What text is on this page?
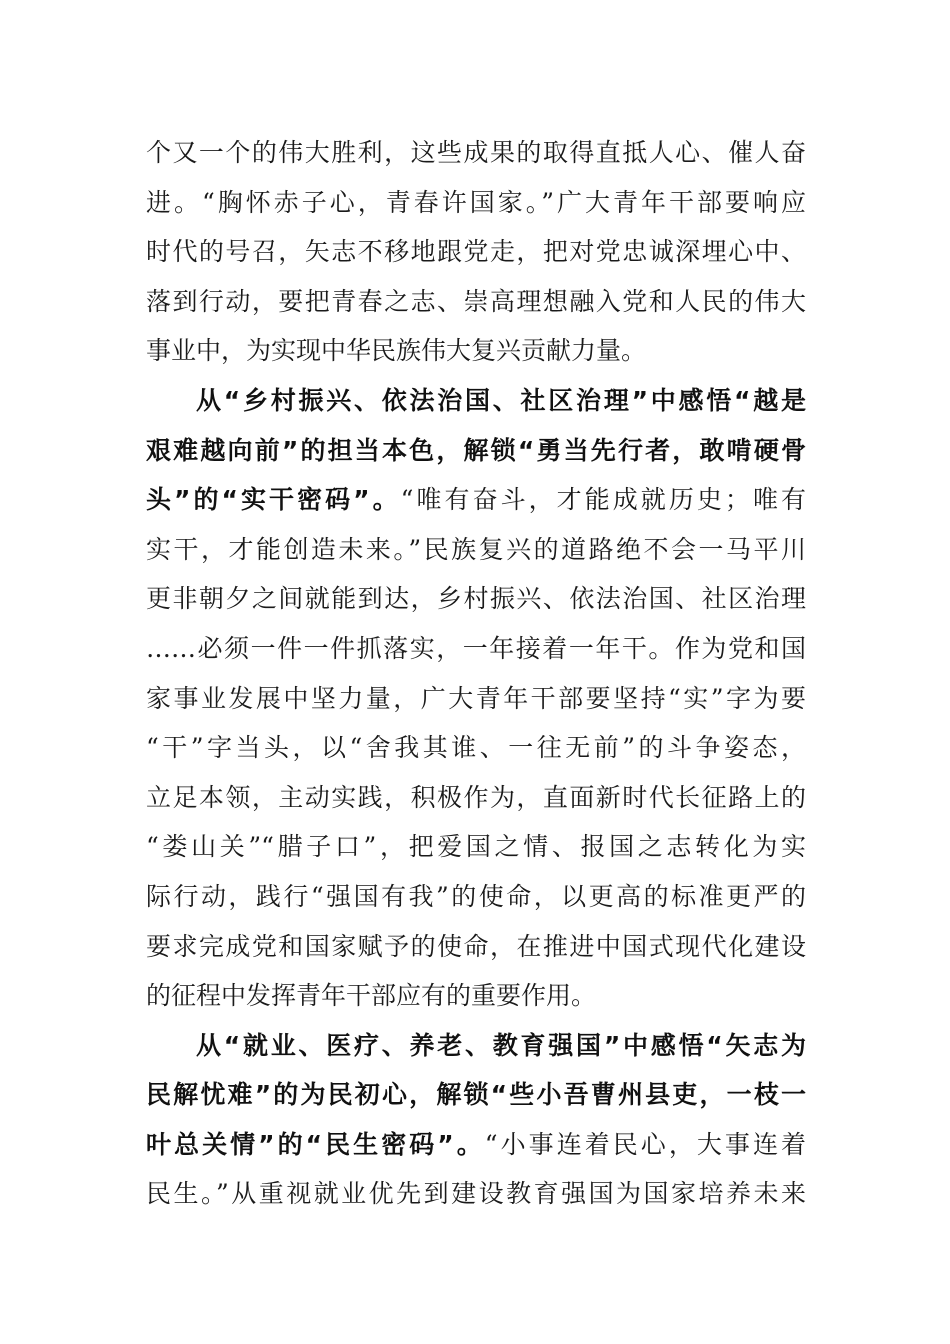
个又一个的伟大胜利，这些成果的取得直抵人心、催人奋
进。“胸怀赤子心，青春许国家。”广大青年干部要响应
时代的号召，矢志不移地跟党走，把对党忠诚深埋心中、
落到行动，要把青春之志、崇高理想融入党和人民的伟大
事业中，为实现中华民族伟大复兴贡献力量。
从“乡村振兴、依法治国、社区治理”中感悟“越是
艰难越向前”的担当本色，解锁“勇当先行者，敢啃硬骨
头”的“实干密码”。“唯有奋斗，才能成就历史；唯有
实干，才能创造未来。”民族复兴的道路绝不会一马平川
更非朝夕之间就能到达，乡村振兴、依法治国、社区治理
……必须一件一件抓落实，一年接着一年干。作为党和国
家事业发展中坚力量，广大青年干部要坚持“实”字为要
“干”字当头，以“舍我其谁、一往无前”的斗争姿态，
立足本领，主动实践，积极作为，直面新时代长征路上的
“娄山关”“腊子口”，把爱国之情、报国之志转化为实
际行动，践行“强国有我”的使命，以更高的标准更严的
要求完成党和国家赋予的使命，在推进中国式现代化建设
的征程中发挥青年干部应有的重要作用。
从“就业、医疗、养老、教育强国”中感悟“矢志为
民解忧难”的为民初心，解锁“些小吾曹州县吏，一枝一
叶总关情”的“民生密码”。“小事连着民心，大事连着
民生。”从重视就业优先到建设教育强国为国家培养未来
